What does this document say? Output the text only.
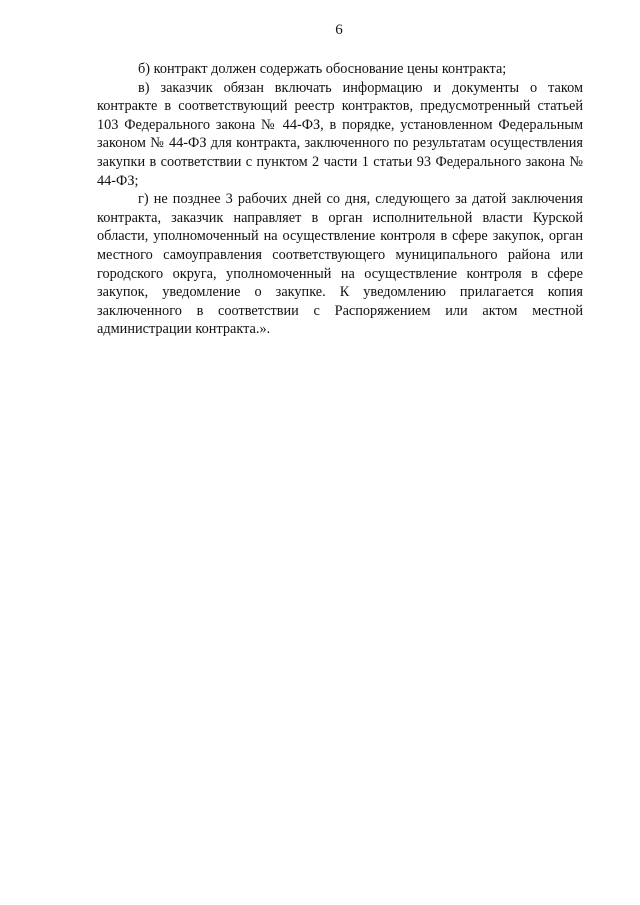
6

б) контракт должен содержать обоснование цены контракта;

в) заказчик обязан включать информацию и документы о таком контракте в соответствующий реестр контрактов, предусмотренный статьей 103 Федерального закона № 44-ФЗ, в порядке, установленном Федеральным законом № 44-ФЗ для контракта, заключенного по результатам осуществления закупки в соответствии с пунктом 2 части 1 статьи 93 Федерального закона № 44-ФЗ;

г) не позднее 3 рабочих дней со дня, следующего за датой заключения контракта, заказчик направляет в орган исполнительной власти Курской области, уполномоченный на осуществление контроля в сфере закупок, орган местного самоуправления соответствующего муниципального района или городского округа, уполномоченный на осуществление контроля в сфере закупок, уведомление о закупке. К уведомлению прилагается копия заключенного в соответствии с Распоряжением или актом местной администрации контракта.».
